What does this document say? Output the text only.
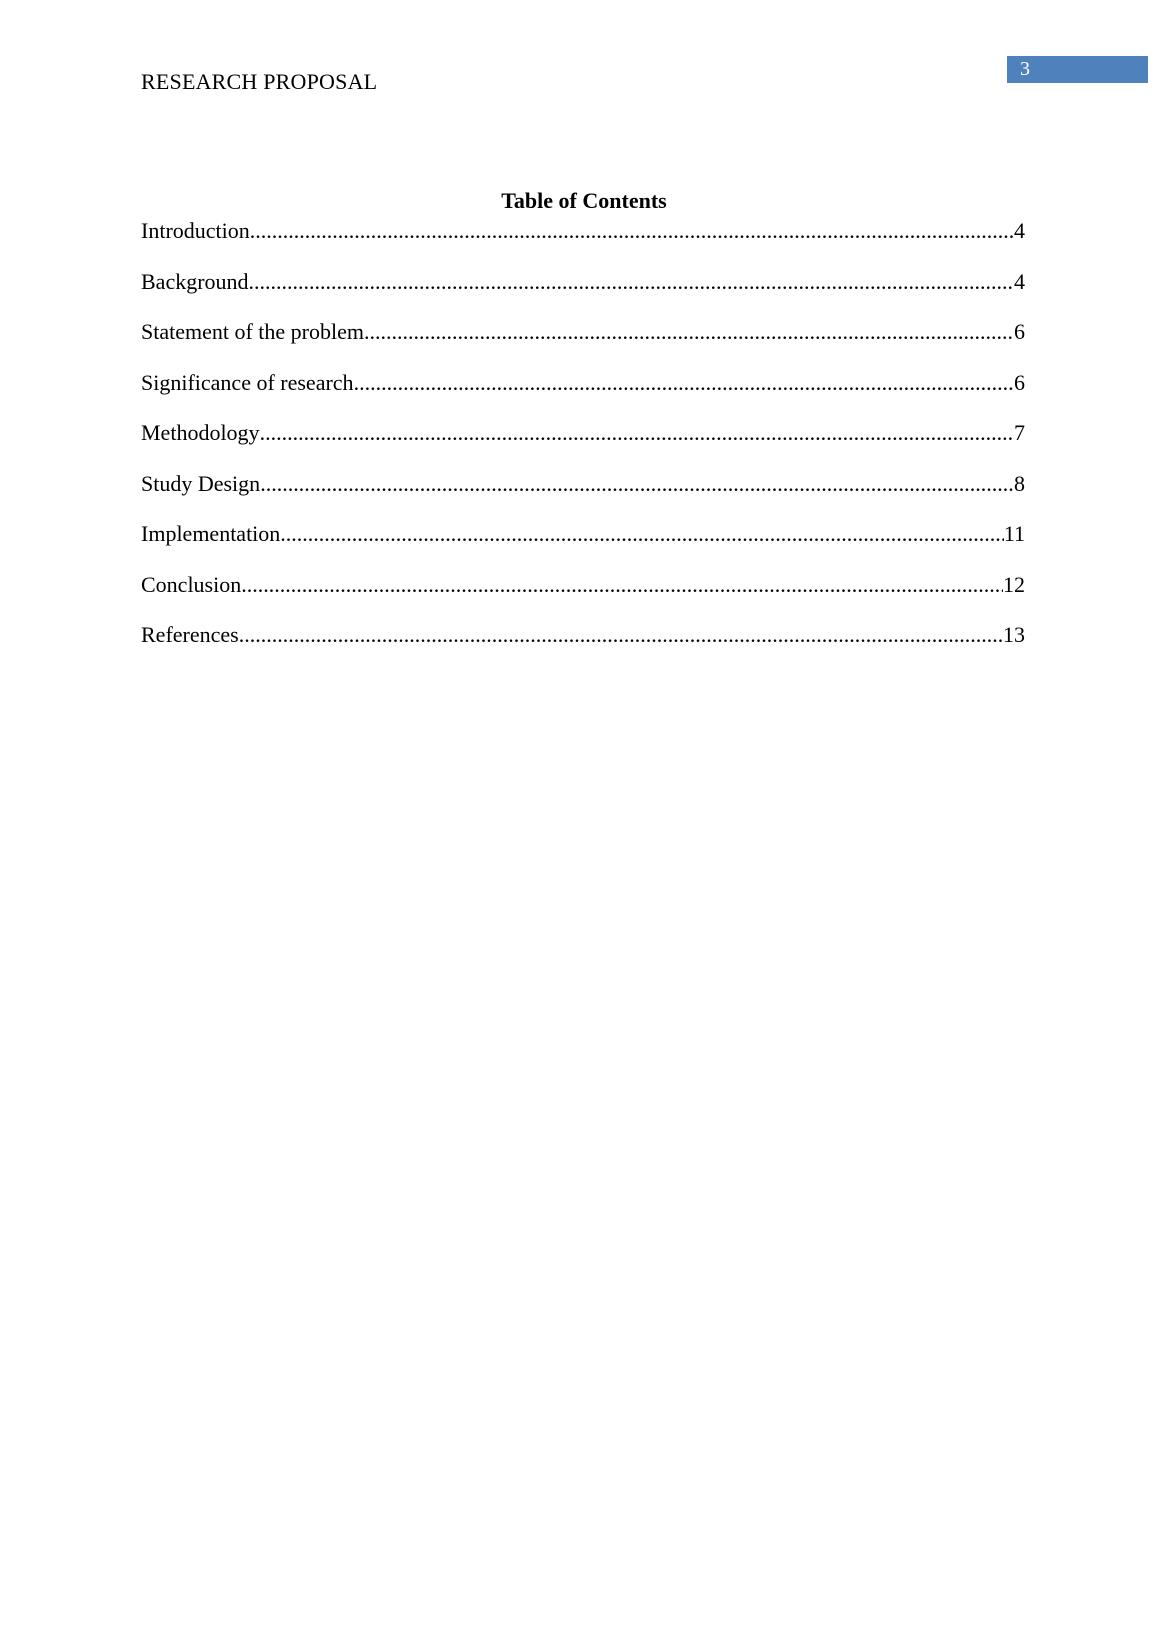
RESEARCH PROPOSAL	3
Table of Contents
Introduction .....	4
Background .....	4
Statement of the problem .....	6
Significance of research .....	6
Methodology .....	7
Study Design .....	8
Implementation .....	11
Conclusion .....	12
References .....	13
